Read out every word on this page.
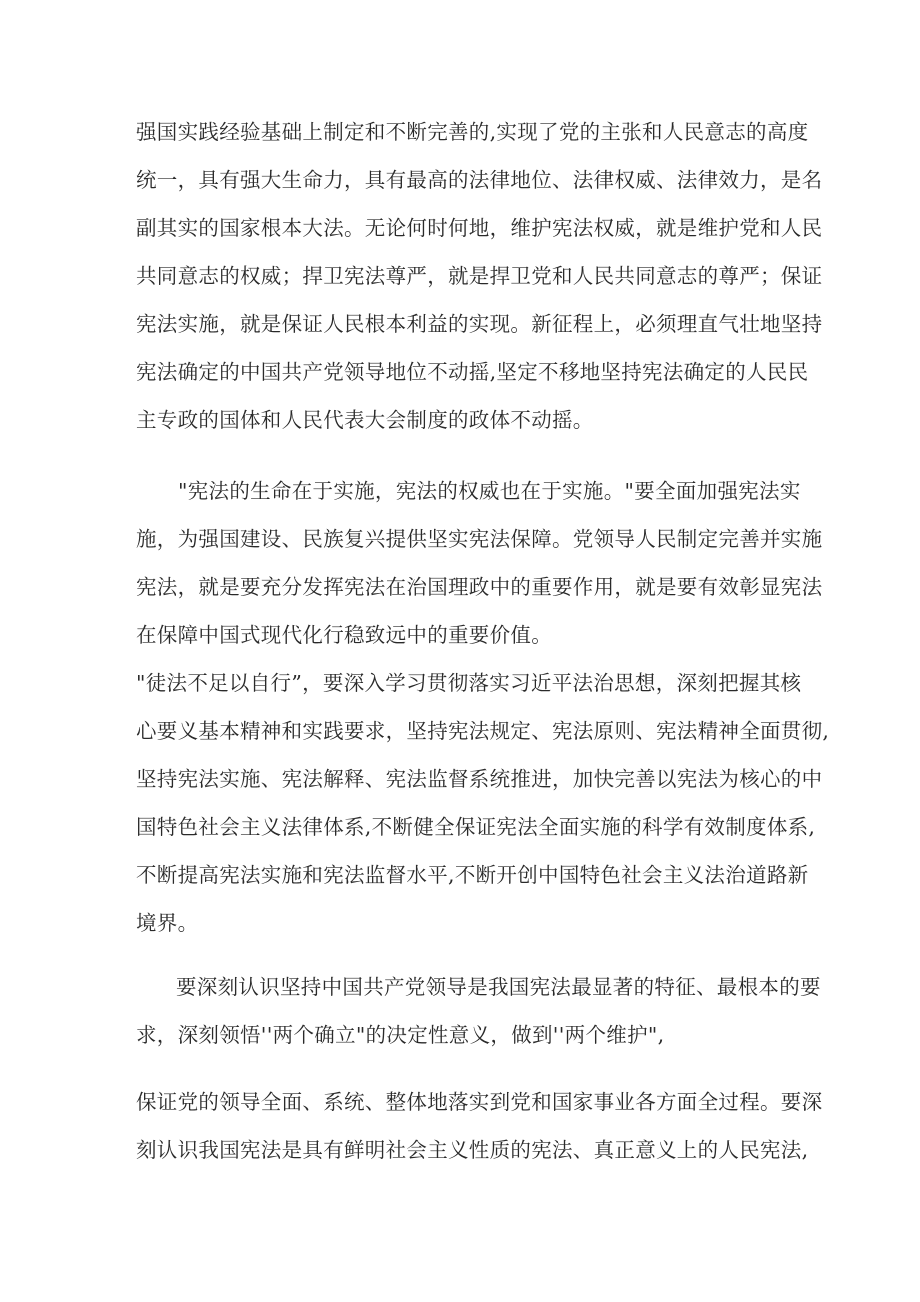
强国实践经验基础上制定和不断完善的,实现了党的主张和人民意志的高度
统一，具有强大生命力，具有最高的法律地位、法律权威、法律效力，是名
副其实的国家根本大法。无论何时何地，维护宪法权威，就是维护党和人民
共同意志的权威；捍卫宪法尊严，就是捍卫党和人民共同意志的尊严；保证
宪法实施，就是保证人民根本利益的实现。新征程上，必须理直气壮地坚持
宪法确定的中国共产党领导地位不动摇,坚定不移地坚持宪法确定的人民民
主专政的国体和人民代表大会制度的政体不动摇。
"宪法的生命在于实施，宪法的权威也在于实施。"要全面加强宪法实
施，为强国建设、民族复兴提供坚实宪法保障。党领导人民制定完善并实施
宪法，就是要充分发挥宪法在治国理政中的重要作用，就是要有效彰显宪法
在保障中国式现代化行稳致远中的重要价值。
"徒法不足以自行”，要深入学习贯彻落实习近平法治思想，深刻把握其核
心要义基本精神和实践要求，坚持宪法规定、宪法原则、宪法精神全面贯彻,
坚持宪法实施、宪法解释、宪法监督系统推进，加快完善以宪法为核心的中
国特色社会主义法律体系,不断健全保证宪法全面实施的科学有效制度体系,
不断提高宪法实施和宪法监督水平,不断开创中国特色社会主义法治道路新
境界。
要深刻认识坚持中国共产党领导是我国宪法最显著的特征、最根本的要
求，深刻领悟''两个确立"的决定性意义，做到''两个维护",
保证党的领导全面、系统、整体地落实到党和国家事业各方面全过程。要深
刻认识我国宪法是具有鲜明社会主义性质的宪法、真正意义上的人民宪法,
